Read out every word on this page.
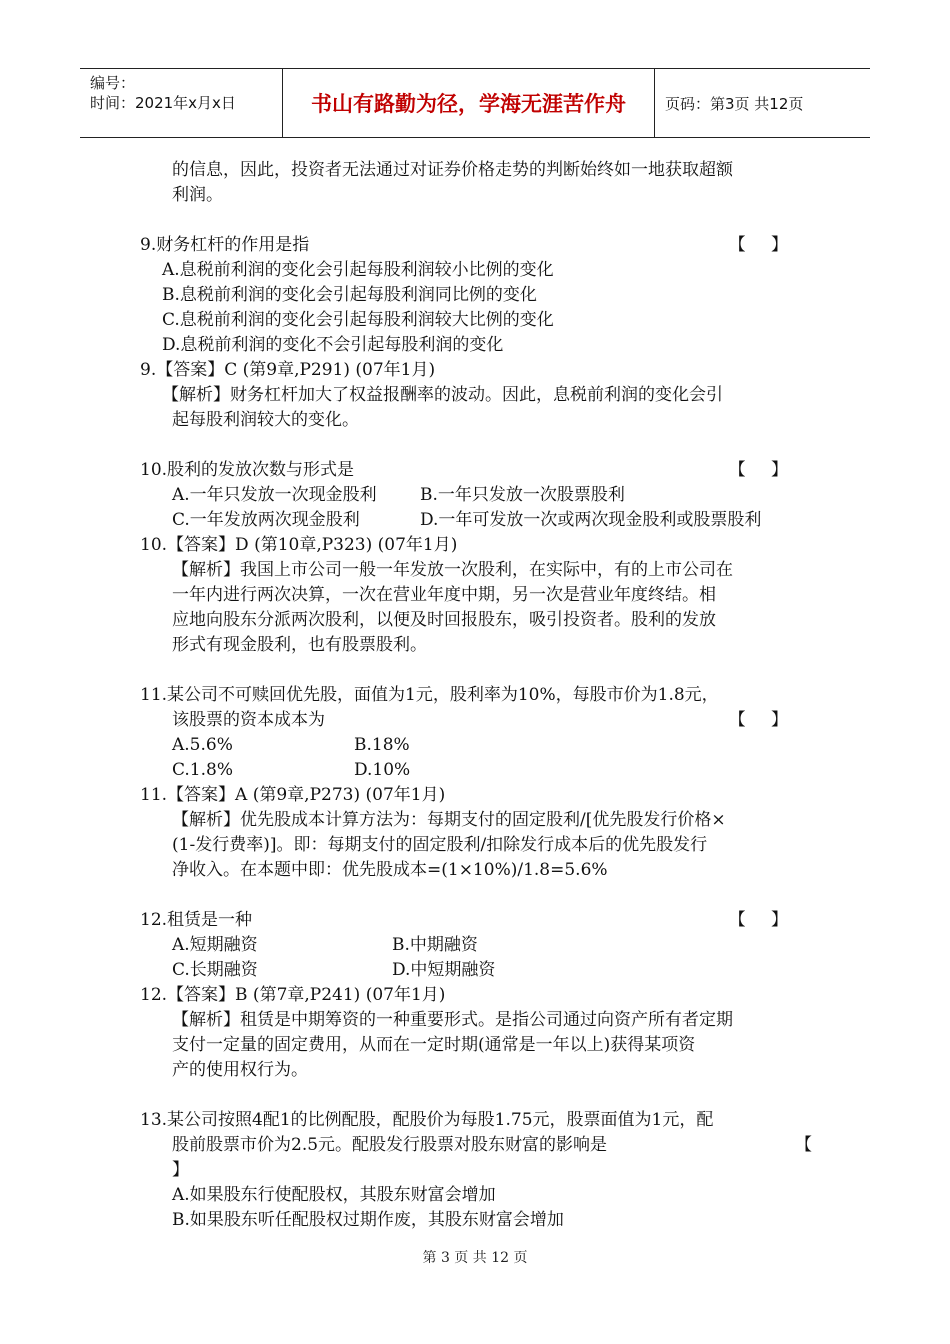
编号：
时间：2021年x月x日	书山有路勤为径，学海无涯苦作舟	页码：第3页 共12页
的信息，因此，投资者无法通过对证券价格走势的判断始终如一地获取超额
利润。
9.财务杠杆的作用是指	【 】
A.息税前利润的变化会引起每股利润较小比例的变化
B.息税前利润的变化会引起每股利润同比例的变化
C.息税前利润的变化会引起每股利润较大比例的变化
D.息税前利润的变化不会引起每股利润的变化
9.【答案】C (第9章,P291) (07年1月)
【解析】财务杠杆加大了权益报酬率的波动。因此，息税前利润的变化会引
起每股利润较大的变化。
10.股利的发放次数与形式是	【 】
A.一年只发放一次现金股利	B.一年只发放一次股票股利
C.一年发放两次现金股利	D.一年可发放一次或两次现金股利或股票股利
10.【答案】D (第10章,P323) (07年1月)
【解析】我国上市公司一般一年发放一次股利，在实际中，有的上市公司在
一年内进行两次决算，一次在营业年度中期，另一次是营业年度终结。相
应地向股东分派两次股利，以便及时回报股东，吸引投资者。股利的发放
形式有现金股利，也有股票股利。
11.某公司不可赎回优先股，面值为1元，股利率为10%，每股市价为1.8元，
该股票的资本成本为	【 】
A.5.6%	B.18%
C.1.8%	D.10%
11.【答案】A (第9章,P273) (07年1月)
【解析】优先股成本计算方法为：每期支付的固定股利/[优先股发行价格×
(1-发行费率)]。即：每期支付的固定股利/扣除发行成本后的优先股发行
净收入。在本题中即：优先股成本=(1×10%)/1.8=5.6%
12.租赁是一种	【 】
A.短期融资	B.中期融资
C.长期融资	D.中短期融资
12.【答案】B (第7章,P241) (07年1月)
【解析】租赁是中期筹资的一种重要形式。是指公司通过向资产所有者定期
支付一定量的固定费用，从而在一定时期(通常是一年以上)获得某项资
产的使用权行为。
13.某公司按照4配1的比例配股，配股价为每股1.75元，股票面值为1元，配
股前股票市价为2.5元。配股发行股票对股东财富的影响是	【
】
A.如果股东行使配股权，其股东财富会增加
B.如果股东听任配股权过期作废，其股东财富会增加
第 3 页 共 12 页
